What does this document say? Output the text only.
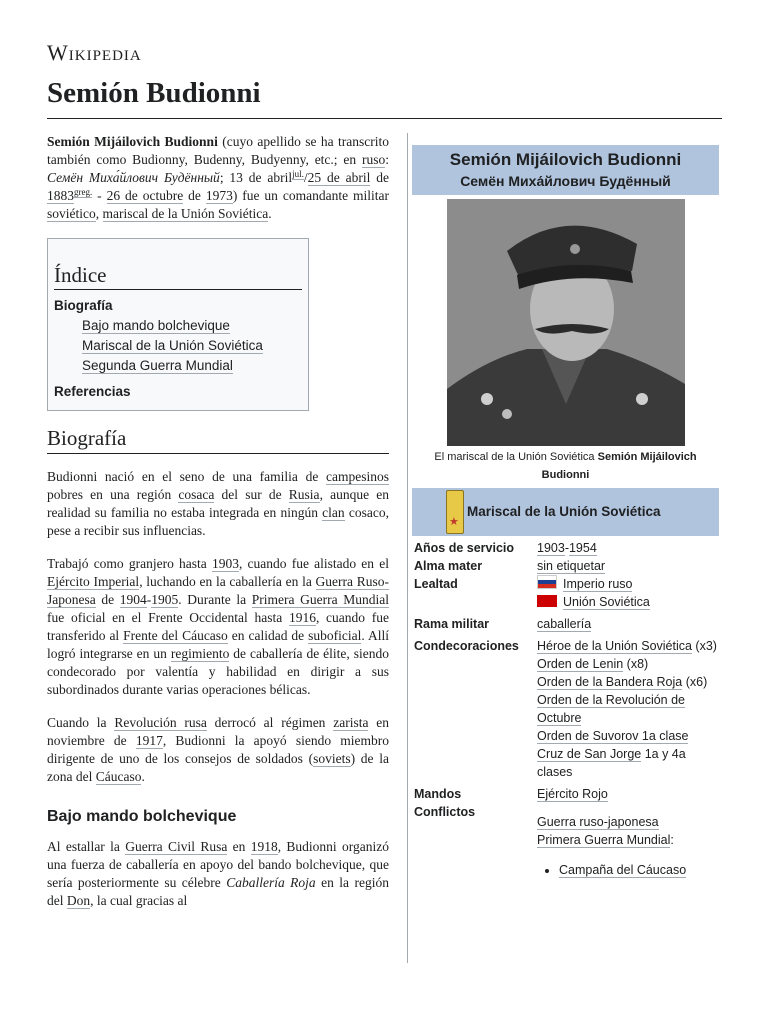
Wikipedia
Semión Budionni

Semión Mijáilovich Budionni (cuyo apellido se ha transcrito también como Budionny, Budenny, Budyenny, etc.; en ruso: Семён Миха́йлович Будённый; 13 de abril$^{jul.}$/25 de abril de $1883^{greg.} - 26$ de octubre de 1973) fue un comandante militar soviético, mariscal de la Unión Soviética.

Índice
Biografía
Bajo mando bolchevique
Mariscal de la Unión Soviética
Segunda Guerra Mundial
Referencias
Biografía

Budionni nació en el seno de una familia de campesinos pobres en una región cosaca del sur de Rusia, aunque en realidad su familia no estaba integrada en ningún clan cosaco, pese a recibir sus influencias.

Trabajó como granjero hasta 1903, cuando fue alistado en el Ejército Imperial, luchando en la caballería en la Guerra Ruso-Japonesa de 1904-1905. Durante la Primera Guerra Mundial fue oficial en el Frente Occidental hasta 1916, cuando fue transferido al Frente del Cáucaso en calidad de suboficial. Allí logró integrarse en un regimiento de caballería de élite, siendo condecorado por valentía y habilidad en dirigir a sus subordinados durante varias operaciones bélicas.

Cuando la Revolución rusa derrocó al régimen zarista en noviembre de 1917, Budionni la apoyó siendo miembro dirigente de uno de los consejos de soldados (soviets) de la zona del Cáucaso.

Bajo mando bolchevique

Al estallar la Guerra Civil Rusa en 1918, Budionni organizó una fuerza de caballería en apoyo del bando bolchevique, que sería posteriormente su célebre Caballería Roja en la región del Don, la cual gracias al

Semión Mijáilovich Budionni
Семён Миха́йлович Будённый
El mariscal de la Unión Soviética Semión Mijáilovich Budionni
★
Mariscal de la Unión Soviética
Años de servicio	1903-1954
Alma mater	sin etiquetar
Lealtad	Imperio ruso
Unión Soviética
Rama militar	caballería
Condecoraciones	Héroe de la Unión Soviética (x3)
Orden de Lenin (x8)
Orden de la Bandera Roja (x6)
Orden de la Revolución de Octubre
Orden de Suvorov 1a clase
Cruz de San Jorge 1a y 4a clases
Mandos	Ejército Rojo
Conflictos
Guerra ruso-japonesa
Primera Guerra Mundial:
• Campaña del Cáucaso
